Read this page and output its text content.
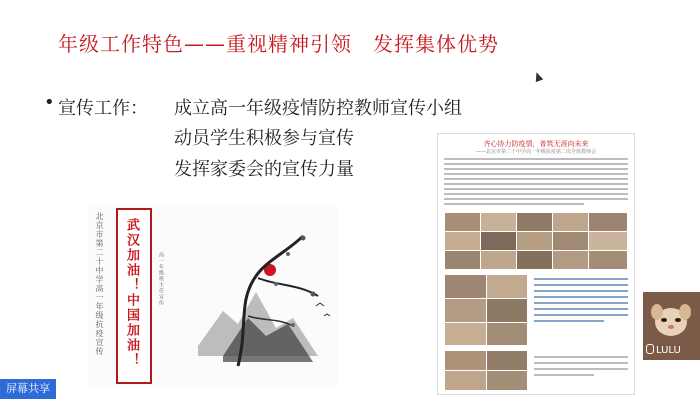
年级工作特色——重视精神引领　发挥集体优势
• 宣传工作： 成立高一年级疫情防控教师宣传小组
动员学生积极参与宣传
发挥家委会的宣传力量
北京市第二十中学高一年级抗疫宣传	高一年级班主任宣传
武汉加油！中国加油！
齐心协力防疫情，普筑无涯向未来
——北京市第二十中学高一年级抗疫第二次全体教师会
LULU
屏幕共享
